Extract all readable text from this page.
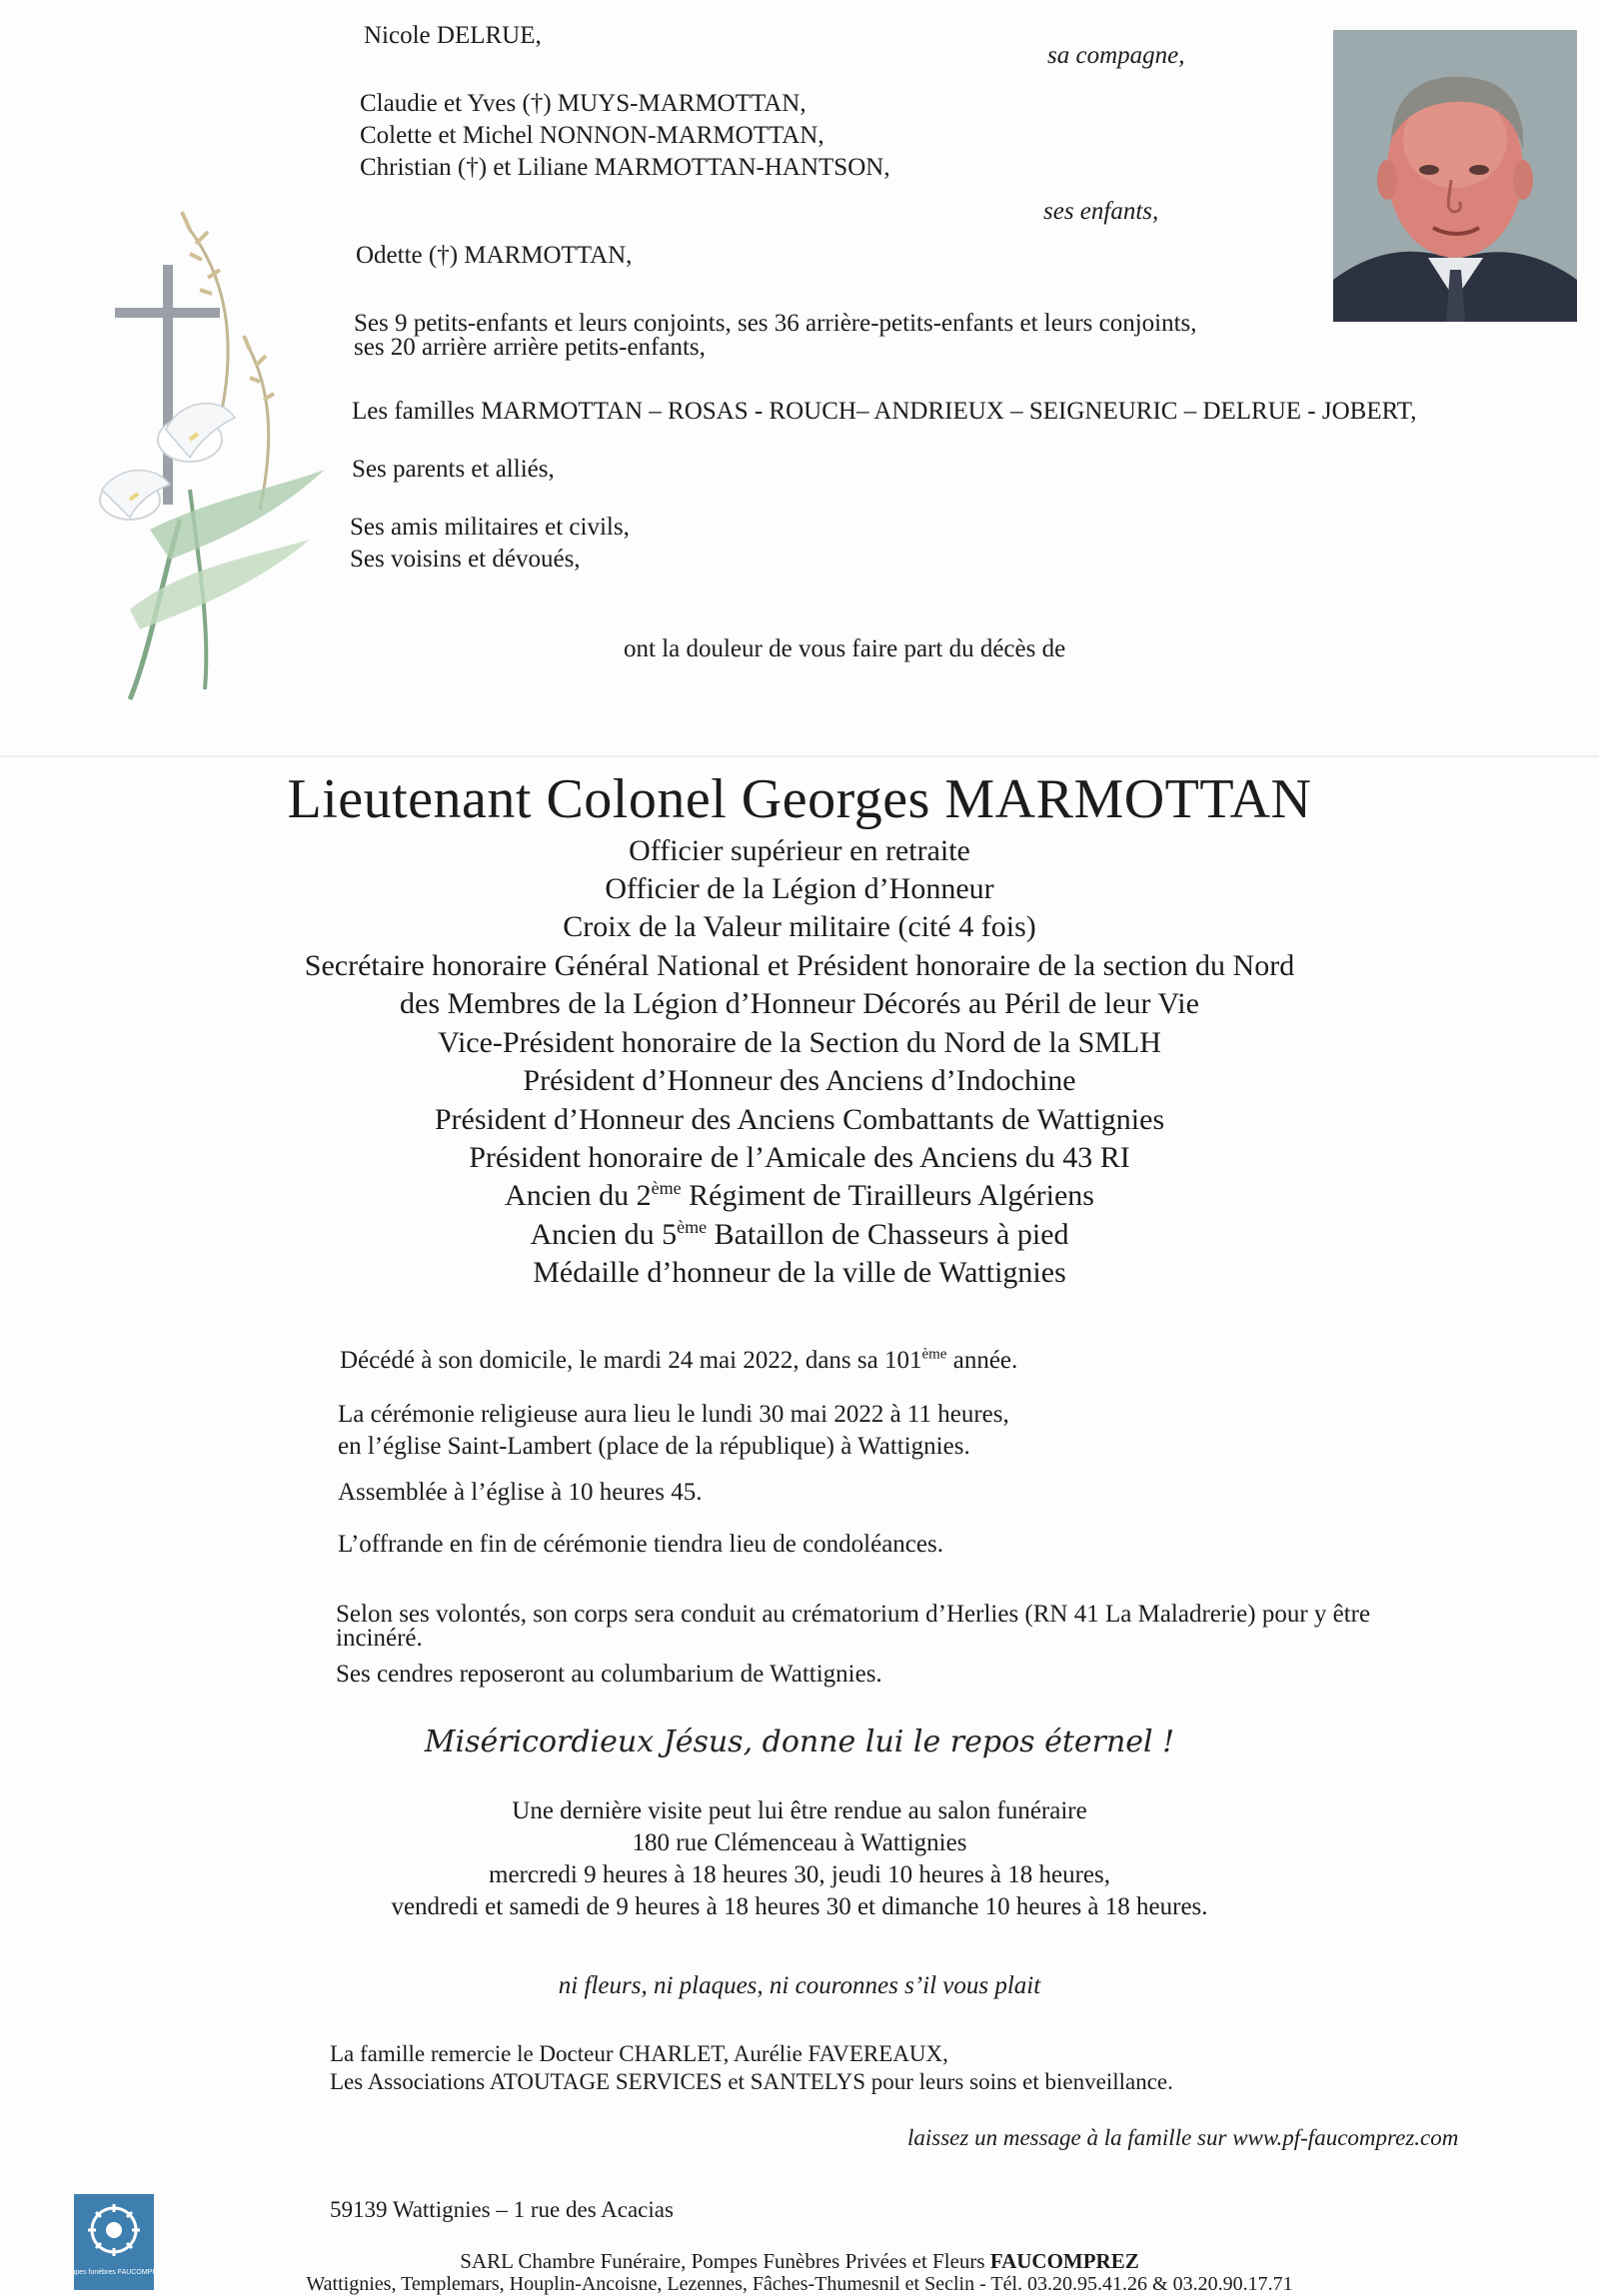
Nicole DELRUE,
sa compagne,
Claudie et Yves (†) MUYS-MARMOTTAN,
Colette et Michel NONNON-MARMOTTAN,
Christian (†) et Liliane MARMOTTAN-HANTSON,
ses enfants,
Odette (†) MARMOTTAN,
Ses 9 petits-enfants et leurs conjoints, ses 36 arrière-petits-enfants et leurs conjoints,
ses 20 arrière arrière petits-enfants,
Les familles MARMOTTAN – ROSAS - ROUCH– ANDRIEUX – SEIGNEURIC – DELRUE - JOBERT,
Ses parents et alliés,
Ses amis militaires et civils,
Ses voisins et dévoués,
ont la douleur de vous faire part du décès de
Lieutenant Colonel Georges MARMOTTAN
Officier supérieur en retraite
Officier de la Légion d’Honneur
Croix de la Valeur militaire (cité 4 fois)
Secrétaire honoraire Général National et Président honoraire de la section du Nord
des Membres de la Légion d’Honneur Décorés au Péril de leur Vie
Vice-Président honoraire de la Section du Nord de la SMLH
Président d’Honneur des Anciens d’Indochine
Président d’Honneur des Anciens Combattants de Wattignies
Président honoraire de l’Amicale des Anciens du 43 RI
Ancien du 2ème Régiment de Tirailleurs Algériens
Ancien du 5ème Bataillon de Chasseurs à pied
Médaille d’honneur de la ville de Wattignies
Décédé à son domicile, le mardi 24 mai 2022, dans sa 101ème année.
La cérémonie religieuse aura lieu le lundi 30 mai 2022 à 11 heures,
en l’église Saint-Lambert (place de la république) à Wattignies.
Assemblée à l’église à 10 heures 45.
L’offrande en fin de cérémonie tiendra lieu de condoléances.
Selon ses volontés, son corps sera conduit au crématorium d’Herlies (RN 41 La Maladrerie) pour y être
incinéré.
Ses cendres reposeront au columbarium de Wattignies.
Miséricordieux Jésus, donne lui le repos éternel !
Une dernière visite peut lui être rendue au salon funéraire
180 rue Clémenceau à Wattignies
mercredi 9 heures à 18 heures 30, jeudi 10 heures à 18 heures,
vendredi et samedi de 9 heures à 18 heures 30 et dimanche 10 heures à 18 heures.
ni fleurs, ni plaques, ni couronnes s’il vous plait
La famille remercie le Docteur CHARLET, Aurélie FAVEREAUX,
Les Associations ATOUTAGE SERVICES et SANTELYS pour leurs soins et bienveillance.
laissez un message à la famille sur www.pf-faucomprez.com
pompes funèbres FAUCOMPREZ
59139 Wattignies – 1 rue des Acacias
SARL Chambre Funéraire, Pompes Funèbres Privées et Fleurs FAUCOMPREZ
Wattignies, Templemars, Houplin-Ancoisne, Lezennes, Fâches-Thumesnil et Seclin - Tél. 03.20.95.41.26 & 03.20.90.17.71
